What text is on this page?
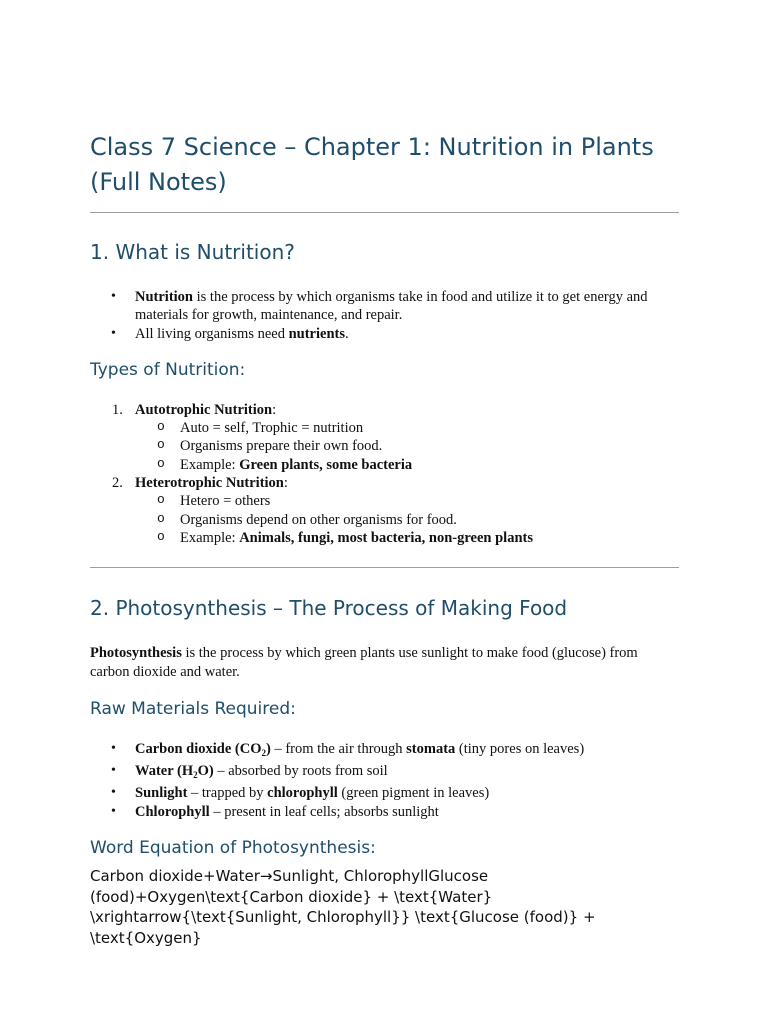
Class 7 Science – Chapter 1: Nutrition in Plants (Full Notes)
1. What is Nutrition?
• Nutrition is the process by which organisms take in food and utilize it to get energy and materials for growth, maintenance, and repair.
• All living organisms need nutrients.
Types of Nutrition:
1. Autotrophic Nutrition:
o Auto = self, Trophic = nutrition
o Organisms prepare their own food.
o Example: Green plants, some bacteria
2. Heterotrophic Nutrition:
o Hetero = others
o Organisms depend on other organisms for food.
o Example: Animals, fungi, most bacteria, non-green plants
2. Photosynthesis – The Process of Making Food

Photosynthesis is the process by which green plants use sunlight to make food (glucose) from carbon dioxide and water.

Raw Materials Required:
• Carbon dioxide $(CO_2)$ – from the air through stomata (tiny pores on leaves)
• Water $(H_2O)$ – absorbed by roots from soil
• Sunlight – trapped by chlorophyll (green pigment in leaves)
• Chlorophyll – present in leaf cells; absorbs sunlight
Word Equation of Photosynthesis:

Carbon dioxide+Water→Sunlight, ChlorophyllGlucose (food)+Oxygen\text{Carbon dioxide} + \text{Water} \xrightarrow{\text{Sunlight, Chlorophyll}} \text{Glucose (food)} + \text{Oxygen}
